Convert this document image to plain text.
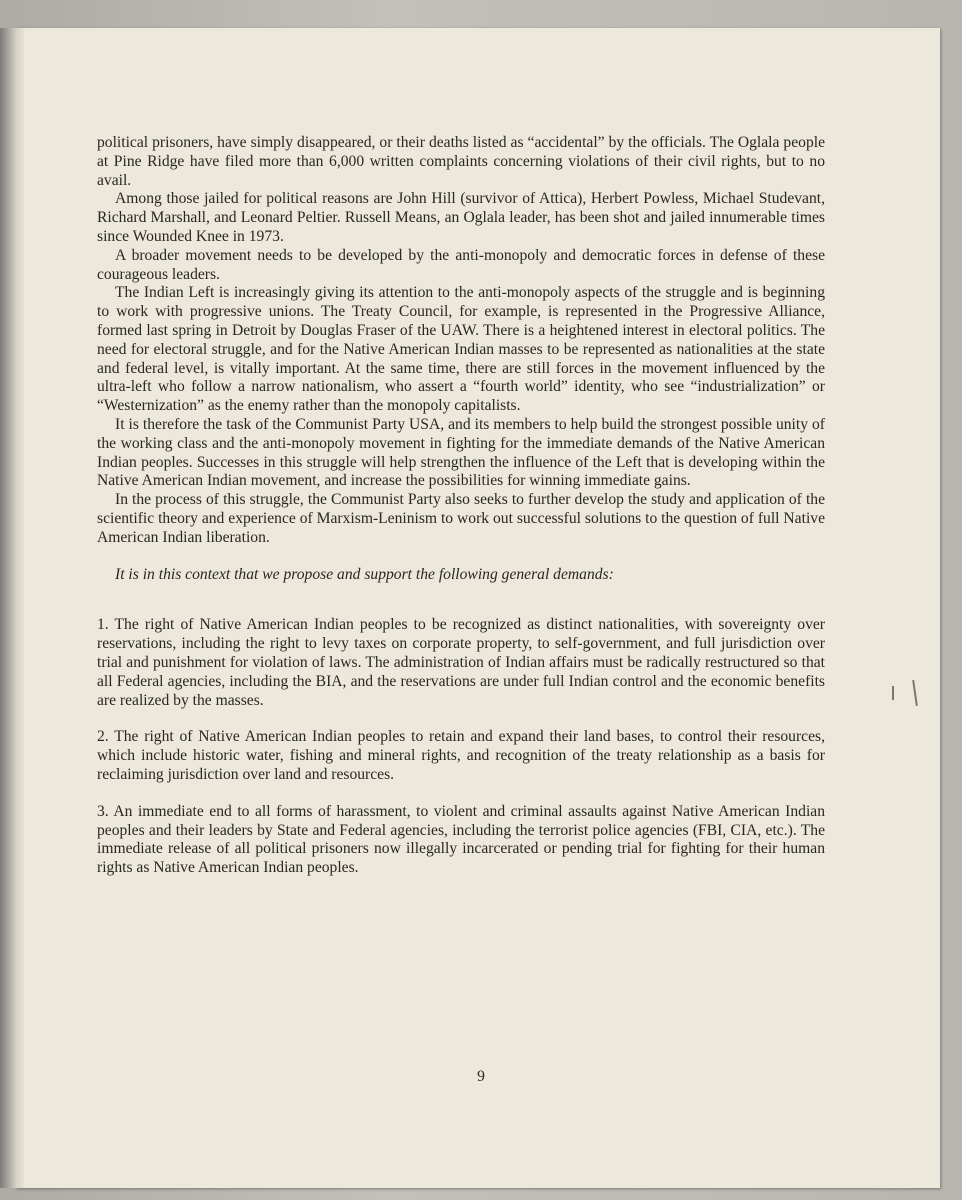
political prisoners, have simply disappeared, or their deaths listed as “accidental” by the officials. The Oglala people at Pine Ridge have filed more than 6,000 written complaints concerning violations of their civil rights, but to no avail.

Among those jailed for political reasons are John Hill (survivor of Attica), Herbert Powless, Michael Studevant, Richard Marshall, and Leonard Peltier. Russell Means, an Oglala leader, has been shot and jailed innumerable times since Wounded Knee in 1973.

A broader movement needs to be developed by the anti-monopoly and democratic forces in defense of these courageous leaders.

The Indian Left is increasingly giving its attention to the anti-monopoly aspects of the struggle and is beginning to work with progressive unions. The Treaty Council, for example, is represented in the Progressive Alliance, formed last spring in Detroit by Douglas Fraser of the UAW. There is a heightened interest in electoral politics. The need for electoral struggle, and for the Native American Indian masses to be represented as nationalities at the state and federal level, is vitally important. At the same time, there are still forces in the movement influenced by the ultra-left who follow a narrow nationalism, who assert a “fourth world” identity, who see “industrialization” or “Westernization” as the enemy rather than the monopoly capitalists.

It is therefore the task of the Communist Party USA, and its members to help build the strongest possible unity of the working class and the anti-monopoly movement in fighting for the immediate demands of the Native American Indian peoples. Successes in this struggle will help strengthen the influence of the Left that is developing within the Native American Indian movement, and increase the possibilities for winning immediate gains.

In the process of this struggle, the Communist Party also seeks to further develop the study and application of the scientific theory and experience of Marxism-Leninism to work out successful solutions to the question of full Native American Indian liberation.

It is in this context that we propose and support the following general demands:

1. The right of Native American Indian peoples to be recognized as distinct nationalities, with sovereignty over reservations, including the right to levy taxes on corporate property, to self-government, and full jurisdiction over trial and punishment for violation of laws. The administration of Indian affairs must be radically restructured so that all Federal agencies, including the BIA, and the reservations are under full Indian control and the economic benefits are realized by the masses.

2. The right of Native American Indian peoples to retain and expand their land bases, to control their resources, which include historic water, fishing and mineral rights, and recognition of the treaty relationship as a basis for reclaiming jurisdiction over land and resources.

3. An immediate end to all forms of harassment, to violent and criminal assaults against Native American Indian peoples and their leaders by State and Federal agencies, including the terrorist police agencies (FBI, CIA, etc.). The immediate release of all political prisoners now illegally incarcerated or pending trial for fighting for their human rights as Native American Indian peoples.

9
